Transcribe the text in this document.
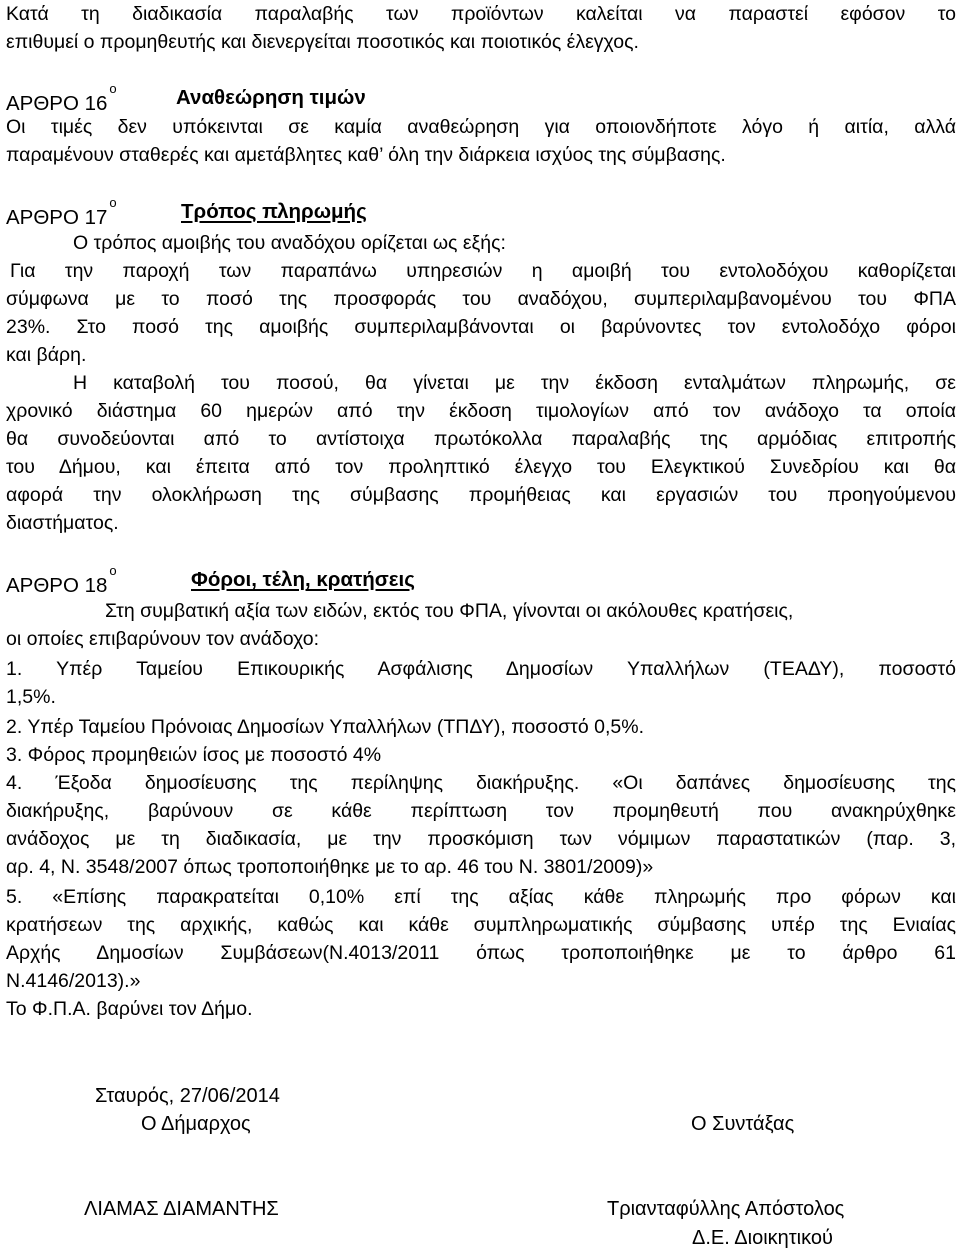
Κατά τη διαδικασία παραλαβής των προϊόντων καλείται να παραστεί εφόσον το
επιθυμεί ο προμηθευτής και διενεργείται ποσοτικός και ποιοτικός έλεγχος.
ΑΡΘΡΟ $16^o$	Αναθεώρηση τιμών
Οι τιμές δεν υπόκεινται σε καμία αναθεώρηση για οποιονδήποτε λόγο ή αιτία, αλλά
παραμένουν σταθερές και αμετάβλητες καθ’ όλη την διάρκεια ισχύος της σύμβασης.
ΑΡΘΡΟ $17^o$	Τρόπος πληρωμής
Ο τρόπος αμοιβής του αναδόχου ορίζεται ως εξής:
Για την παροχή των παραπάνω υπηρεσιών η αμοιβή του εντολοδόχου καθορίζεται
σύμφωνα με το ποσό της προσφοράς του αναδόχου, συμπεριλαμβανομένου του ΦΠΑ
23%. Στο ποσό της αμοιβής συμπεριλαμβάνονται οι βαρύνοντες τον εντολοδόχο φόροι
και βάρη.
Η καταβολή του ποσού, θα γίνεται με την έκδοση ενταλμάτων πληρωμής, σε
χρονικό διάστημα 60 ημερών από την έκδοση τιμολογίων από τον ανάδοχο τα οποία
θα συνοδεύονται από το αντίστοιχα πρωτόκολλα παραλαβής της αρμόδιας επιτροπής
του Δήμου, και έπειτα από τον προληπτικό έλεγχο του Ελεγκτικού Συνεδρίου και θα
αφορά την ολοκλήρωση της σύμβασης προμήθειας και εργασιών του προηγούμενου
διαστήματος.
ΑΡΘΡΟ $18^o$	Φόροι, τέλη, κρατήσεις
Στη συμβατική αξία των ειδών, εκτός του ΦΠΑ, γίνονται οι ακόλουθες κρατήσεις,
οι οποίες επιβαρύνουν τον ανάδοχο:
1. Υπέρ Ταμείου Επικουρικής Ασφάλισης Δημοσίων Υπαλλήλων (ΤΕΑΔΥ), ποσοστό
1,5%.
2. Υπέρ Ταμείου Πρόνοιας Δημοσίων Υπαλλήλων (ΤΠΔΥ), ποσοστό 0,5%.
3. Φόρος προμηθειών ίσος με ποσοστό 4%
4. Έξοδα δημοσίευσης της περίληψης διακήρυξης. «Οι δαπάνες δημοσίευσης της
διακήρυξης, βαρύνουν σε κάθε περίπτωση τον προμηθευτή που ανακηρύχθηκε
ανάδοχος με τη διαδικασία, με την προσκόμιση των νόμιμων παραστατικών (παρ. 3,
αρ. 4, Ν. 3548/2007 όπως τροποποιήθηκε με το αρ. 46 του Ν. 3801/2009)»
5. «Επίσης παρακρατείται 0,10% επί της αξίας κάθε πληρωμής προ φόρων και
κρατήσεων της αρχικής, καθώς και κάθε συμπληρωματικής σύμβασης υπέρ της Ενιαίας
Αρχής Δημοσίων Συμβάσεων(Ν.4013/2011 όπως τροποποιήθηκε με το άρθρο 61
Ν.4146/2013).»
Το Φ.Π.Α. βαρύνει τον Δήμο.
Σταυρός, 27/06/2014
Ο Δήμαρχος	Ο Συντάξας
ΛΙΑΜΑΣ ΔΙΑΜΑΝΤΗΣ	Τριανταφύλλης Απόστολος
Δ.Ε. Διοικητικού
